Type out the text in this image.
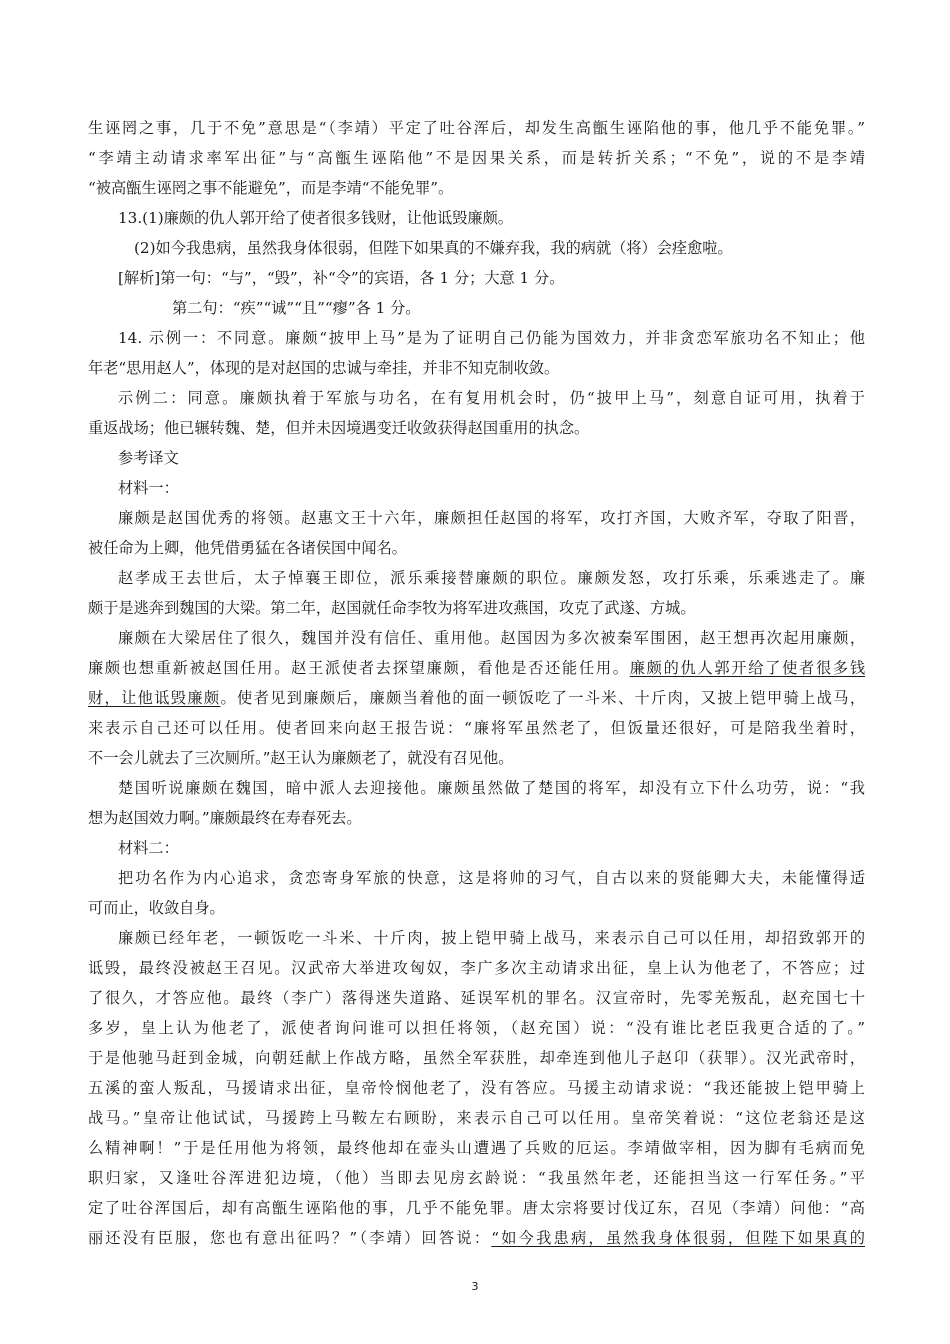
生诬罔之事，几于不免”意思是“（李靖）平定了吐谷浑后，却发生高甑生诬陷他的事，他几乎不能免罪。”
“李靖主动请求率军出征”与“高甑生诬陷他”不是因果关系，而是转折关系；“不免”，说的不是李靖
“被高甑生诬罔之事不能避免”，而是李靖“不能免罪”。
13.(1)廉颇的仇人郭开给了使者很多钱财，让他诋毁廉颇。
(2)如今我患病，虽然我身体很弱，但陛下如果真的不嫌弃我，我的病就（将）会痊愈啦。
[解析]第一句：“与”，“毁”，补“令”的宾语，各 1 分；大意 1 分。
第二句：“疾”“诚”“且”“瘳”各 1 分。
14. 示例一：不同意。廉颇“披甲上马”是为了证明自己仍能为国效力，并非贪恋军旅功名不知止；他
年老“思用赵人”，体现的是对赵国的忠诚与牵挂，并非不知克制收敛。
示例二：同意。廉颇执着于军旅与功名，在有复用机会时，仍“披甲上马”，刻意自证可用，执着于
重返战场；他已辗转魏、楚，但并未因境遇变迁收敛获得赵国重用的执念。
参考译文
材料一：
廉颇是赵国优秀的将领。赵惠文王十六年，廉颇担任赵国的将军，攻打齐国，大败齐军，夺取了阳晋，
被任命为上卿，他凭借勇猛在各诸侯国中闻名。
赵孝成王去世后，太子悼襄王即位，派乐乘接替廉颇的职位。廉颇发怒，攻打乐乘，乐乘逃走了。廉
颇于是逃奔到魏国的大梁。第二年，赵国就任命李牧为将军进攻燕国，攻克了武遂、方城。
廉颇在大梁居住了很久，魏国并没有信任、重用他。赵国因为多次被秦军围困，赵王想再次起用廉颇，
廉颇也想重新被赵国任用。赵王派使者去探望廉颇，看他是否还能任用。廉颇的仇人郭开给了使者很多钱
财，让他诋毁廉颇。使者见到廉颇后，廉颇当着他的面一顿饭吃了一斗米、十斤肉，又披上铠甲骑上战马，
来表示自己还可以任用。使者回来向赵王报告说：“廉将军虽然老了，但饭量还很好，可是陪我坐着时，
不一会儿就去了三次厕所。”赵王认为廉颇老了，就没有召见他。
楚国听说廉颇在魏国，暗中派人去迎接他。廉颇虽然做了楚国的将军，却没有立下什么功劳，说：“我
想为赵国效力啊。”廉颇最终在寿春死去。
材料二：
把功名作为内心追求，贪恋寄身军旅的快意，这是将帅的习气，自古以来的贤能卿大夫，未能懂得适
可而止，收敛自身。
廉颇已经年老，一顿饭吃一斗米、十斤肉，披上铠甲骑上战马，来表示自己可以任用，却招致郭开的
诋毁，最终没被赵王召见。汉武帝大举进攻匈奴，李广多次主动请求出征，皇上认为他老了，不答应；过
了很久，才答应他。最终（李广）落得迷失道路、延误军机的罪名。汉宣帝时，先零羌叛乱，赵充国七十
多岁，皇上认为他老了，派使者询问谁可以担任将领，（赵充国）说：“没有谁比老臣我更合适的了。”
于是他驰马赶到金城，向朝廷献上作战方略，虽然全军获胜，却牵连到他儿子赵卬（获罪）。汉光武帝时，
五溪的蛮人叛乱，马援请求出征，皇帝怜悯他老了，没有答应。马援主动请求说：“我还能披上铠甲骑上
战马。”皇帝让他试试，马援跨上马鞍左右顾盼，来表示自己可以任用。皇帝笑着说：“这位老翁还是这
么精神啊！”于是任用他为将领，最终他却在壶头山遭遇了兵败的厄运。李靖做宰相，因为脚有毛病而免
职归家，又逢吐谷浑进犯边境，（他）当即去见房玄龄说：“我虽然年老，还能担当这一行军任务。”平
定了吐谷浑国后，却有高甑生诬陷他的事，几乎不能免罪。唐太宗将要讨伐辽东，召见（李靖）问他：“高
丽还没有臣服，您也有意出征吗？”（李靖）回答说：“如今我患病，虽然我身体很弱，但陛下如果真的
3
